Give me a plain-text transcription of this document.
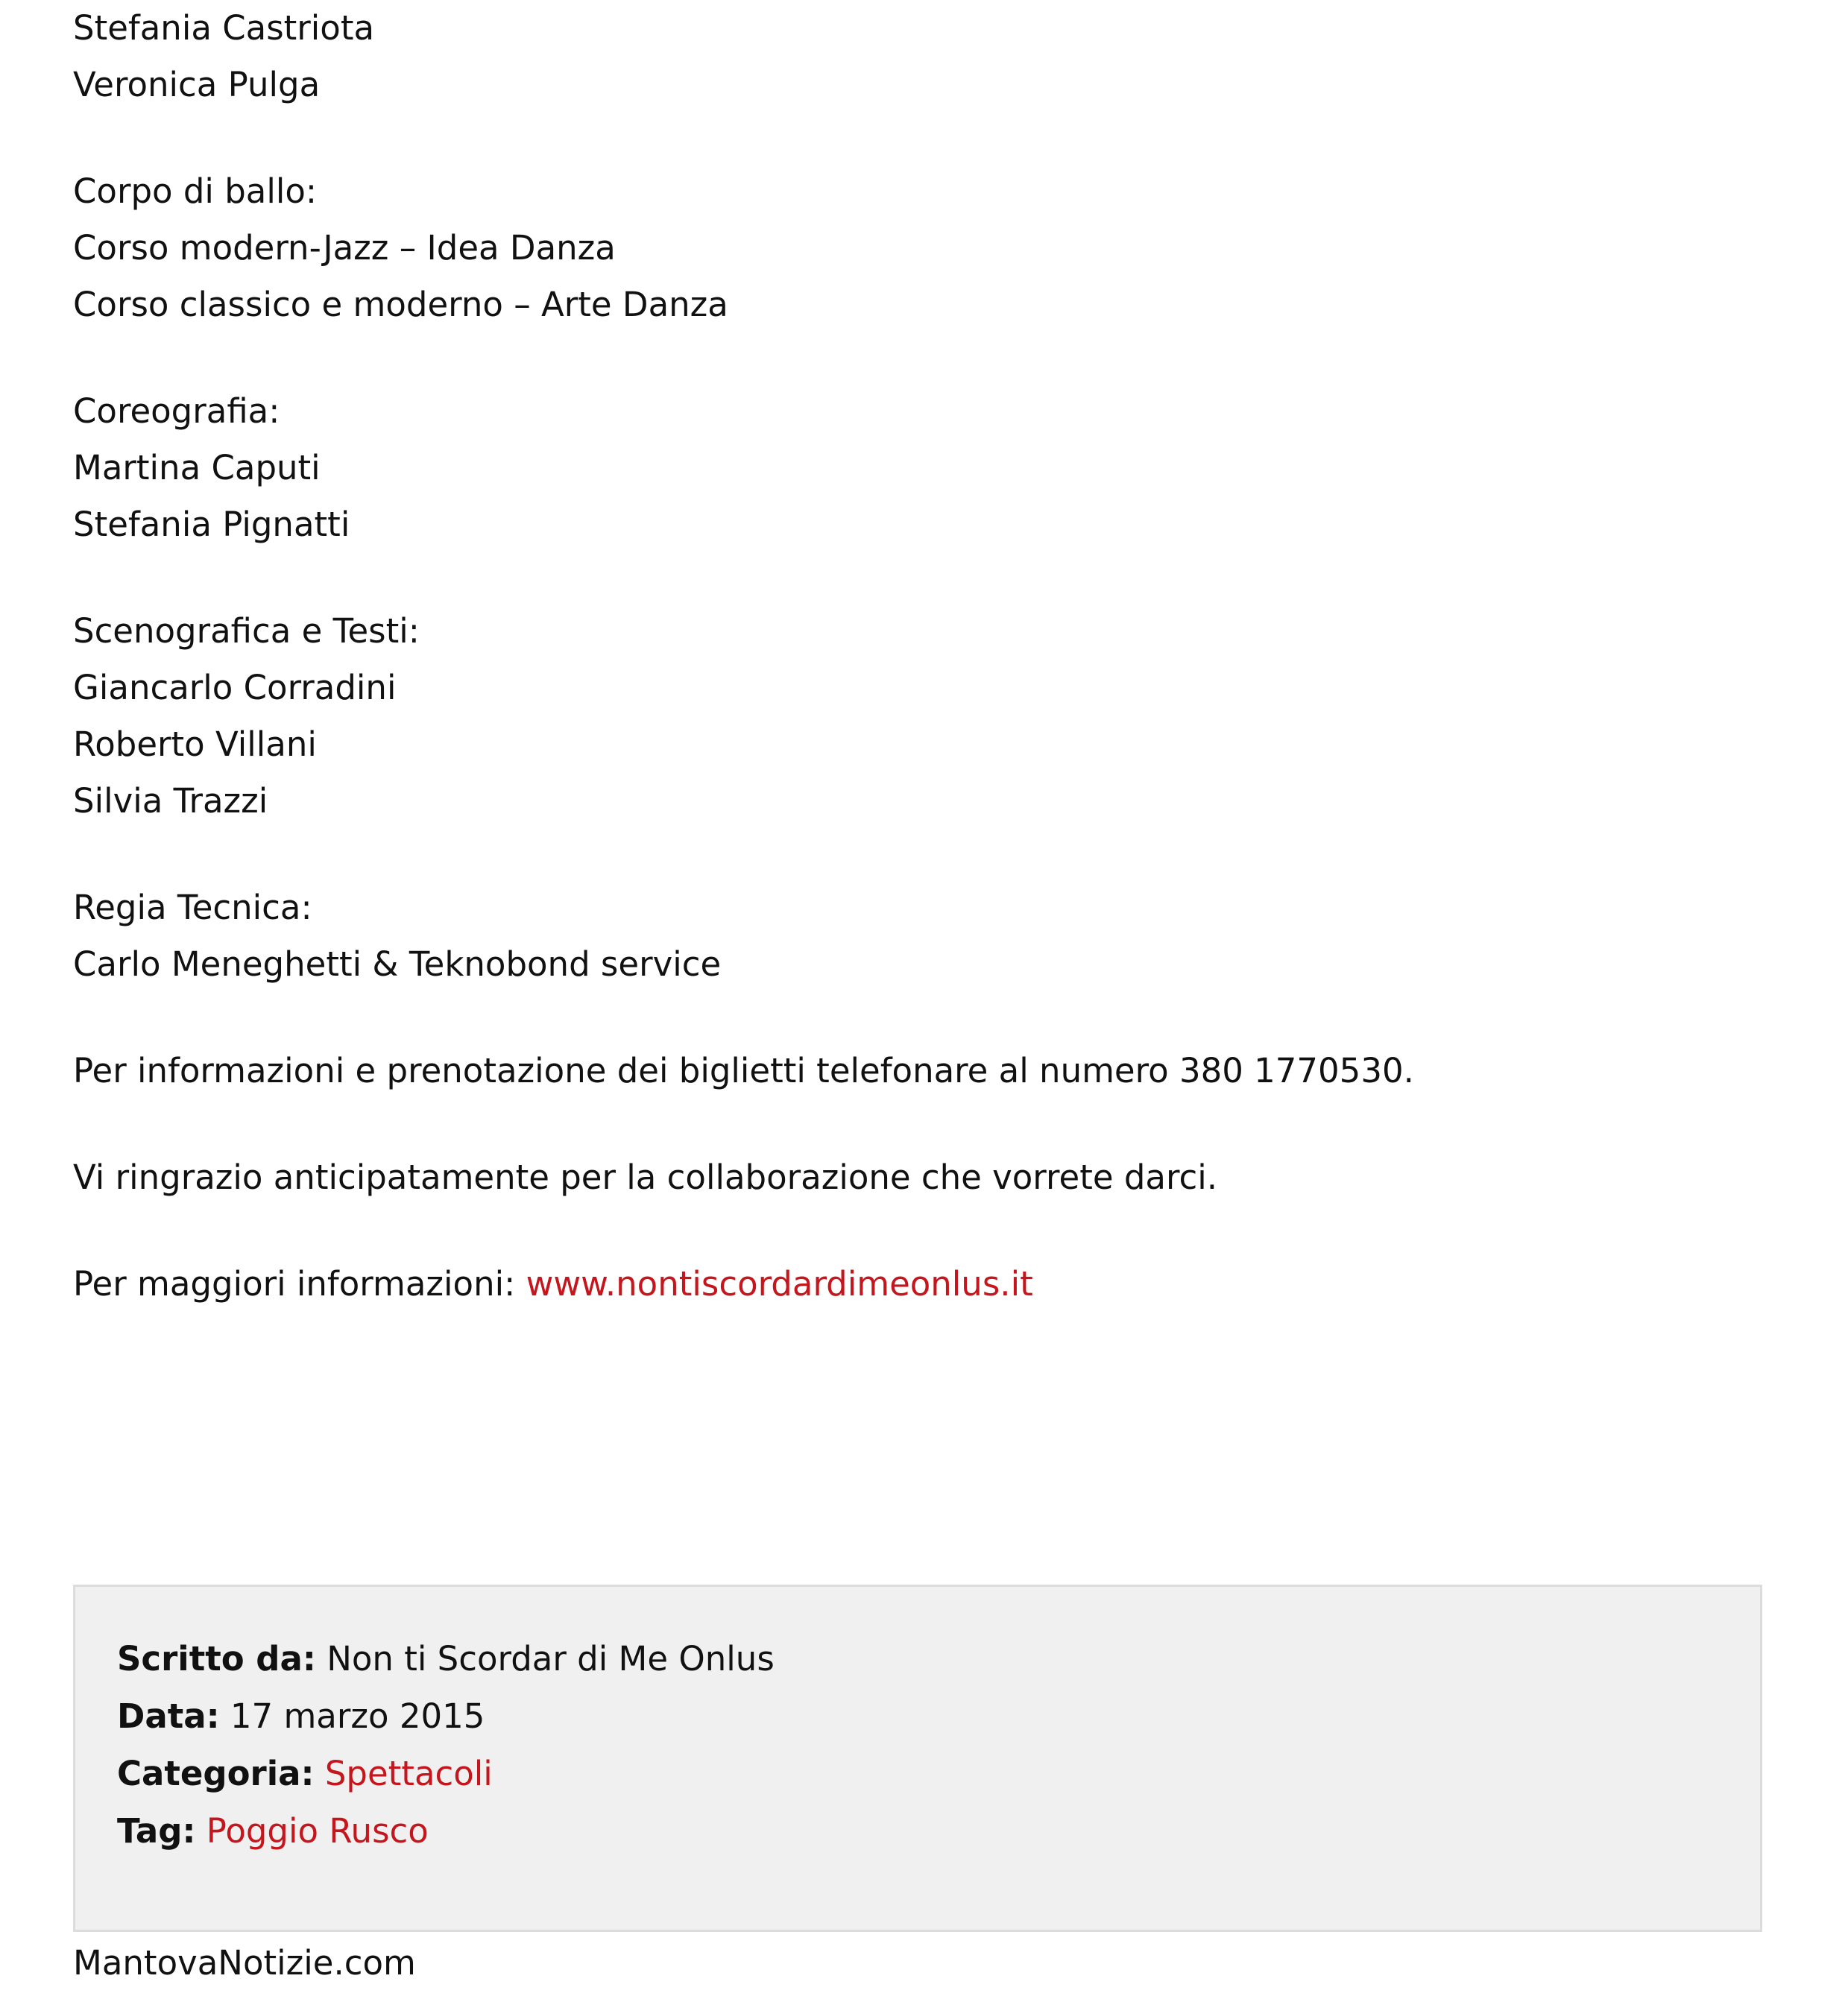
Stefania Castriota
Veronica Pulga
Corpo di ballo:
Corso modern-Jazz – Idea Danza
Corso classico e moderno – Arte Danza
Coreografia:
Martina Caputi
Stefania Pignatti
Scenografica e Testi:
Giancarlo Corradini
Roberto Villani
Silvia Trazzi
Regia Tecnica:
Carlo Meneghetti & Teknobond service
Per informazioni e prenotazione dei biglietti telefonare al numero 380 1770530.
Vi ringrazio anticipatamente per la collaborazione che vorrete darci.
Per maggiori informazioni: www.nontiscordardimeonlus.it
Scritto da: Non ti Scordar di Me Onlus
Data: 17 marzo 2015
Categoria: Spettacoli
Tag: Poggio Rusco
MantovaNotizie.com
